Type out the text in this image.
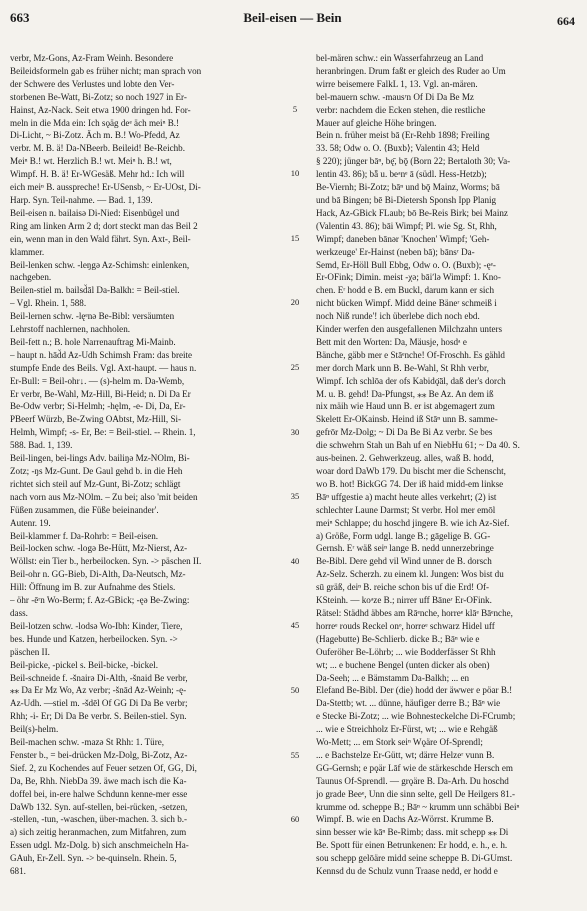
663	Beil-eisen — Bein	664
verbr, Mz-Gons, Az-Fram Weinh. Besondere
Beileidsformeln gab es früher nicht; man sprach von
der Schwere des Verlustes und lobte den Ver-
storbenen Be-Watt, Bi-Zotz; so noch 1927 in Er-
Hainst, Az-Nack. Seit etwa 1900 dringen hd. For-
meln in die Mda ein: Ich sǫäg deᵉ äch meiⁿ B.!
Di-Licht, ~ Bi-Zotz. Äch m. B.! Wo-Pfedd, Az
verbr. M. B. ä! Da-NBeerb. Beileid! Be-Reichb.
Meiⁿ B.! wt. Herzlich B.! wt. Meiⁿ h. B.! wt,
Wimpf. H. B. ä! Er-WGesäß. Mehr hd.: Ich will
eich meiⁿ B. ausspreche! Er-USensb, ~ Er-UOst, Di-
Harp. Syn. Teil-nahme. — Bad. 1, 139.
Beil-eisen n. bailaisə Di-Nied: Eisenbügel und
Ring am linken Arm 2 d; dort steckt man das Beil 2
ein, wenn man in den Wald fährt. Syn. Axt-, Beil-
klammer.
Beil-lenken schw. -leŋgə Az-Schimsh: einlenken,
nachgeben.
Beilen-stiel m. bailsd̆āl Da-Balkh: = Beil-stiel.
– Vgl. Rhein. 1, 588.
Beil-lernen schw. -lęᵉnə Be-Bibl: versäumten
Lehrstoff nachlernen, nachholen.
Beil-fett n.; B. hole Narrenauftrag Mi-Mainb.
– haupt n. hād̆d Az-Udh Schimsh Fram: das breite
stumpfe Ende des Beils. Vgl. Axt-haupt. — haus n.
Er-Bull: = Beil-ohr↓. — (s)-helm m. Da-Wemb,
Er verbr, Be-Wahl, Mz-Hill, Bi-Heid; n. Di Da Er
Be-Odw verbr; Si-Helmh; -hęlm, -e- Di, Da, Er-
PBeerf Würzb, Be-Zwing OAbtst, Mz-Hill, Si-
Helmh, Wimpf; -s- Er, Be: = Beil-stiel. -- Rhein. 1,
588. Bad. 1, 139.
Beil-lingen, bei-lings Adv. bailiŋə Mz-NOlm, Bi-
Zotz; -ŋs Mz-Gunt. De Gaul gehd b. in die Heh
richtet sich steil auf Mz-Gunt, Bi-Zotz; schlägt
nach vorn aus Mz-NOlm. – Zu bei; also 'mit beiden
Füßen zusammen, die Füße beieinander'.
Autenr. 19.
Beil-klammer f. Da-Rohrb: = Beil-eisen.
Beil-locken schw. -logə Be-Hütt, Mz-Nierst, Az-
Wöllst: ein Tier b., herbeilocken. Syn. -> päschen II.
Beil-ohr n. GG-Bieb, Di-Alth, Da-Neutsch, Mz-
Hill: Öffnung im B. zur Aufnahme des Stiels.
– öhr -ēʳn Wo-Berm; f. Az-GBick; -ęə Be-Zwing:
dass.
Beil-lotzen schw. -lodsə Wo-Ibh: Kinder, Tiere,
bes. Hunde und Katzen, herbeilocken. Syn. ->
päschen II.
Beil-picke, -pickel s. Beil-bicke, -bickel.
Beil-schneide f. -šnairə Di-Alth, -šnaid Be verbr,
⁎⁎ Da Er Mz Wo, Az verbr; -šnād Az-Weinh; -ę-
Az-Udh. —stiel m. -šdēl Of GG Di Da Be verbr;
Rhh; -i- Er; Di Da Be verbr. S. Beilen-stiel. Syn.
Beil(s)-helm.
Beil-machen schw. -mazə St Rhh: 1. Türe,
Fenster b., = bei-drücken Mz-Dolg, Bi-Zotz, Az-
Sief. 2, zu Kochendes auf Feuer setzen Of, GG, Di,
Da, Be, Rhh. NiebDa 39. äwe mach isch die Ka-
doffel bei, in-ere halwe Schdunn kenne-mer esse
DaWb 132. Syn. auf-stellen, bei-rücken, -setzen,
-stellen, -tun, -waschen, über-machen. 3. sich b.-
a) sich zeitig heranmachen, zum Mitfahren, zum
Essen udgl. Mz-Dolg. b) sich anschmeicheln Ha-
GAuh, Er-Zell. Syn. -> be-quinseln. Rhein. 5,
681.
5
10
15
20
25
30
35
40
45
50
55
60
bel-mären schw.: ein Wasserfahrzeug an Land
heranbringen. Drum faßt er gleich des Ruder ao Um
wirre beisemere FalkL 1, 13. Vgl. an-mären.
bel-mauern schw. -mausʳn Of Di Da Be Mz
verbr: nachdem die Ecken stehen, die restliche
Mauer auf gleiche Höhe bringen.
Bein n. früher meist bā (Er-Rehb 1898; Freiling
33. 58; Odw o. O. ⟨Buxb⟩; Valentin 43; Held
§ 220); jünger bāⁿ, bę̄, bǭ (Born 22; Bertaloth 30; Va-
lentin 43. 86); bǟ u. beᵃnᵉ ā (südl. Hess-Hetzb);
Be-Viernh; Bi-Zotz; bāⁿ und bǭ Mainz, Worms; bā
und bā Bingen; bē Bi-Dietersh Sponsh Ipp Planig
Hack, Az-GBick FLaub; bō Be-Reis Birk; bei Mainz
(Valentin 43. 86); bāi Wimpf; Pl. wie Sg. St, Rhh,
Wimpf; daneben bānər 'Knochen' Wimpf; 'Geh-
werkzeuge' Er-Hainst (neben bā); bānsʳ Da-
Semd, Er-Höll Bull Ebbg, Odw o. O. (Buxb); -ęᵉ-
Er-OFink; Dimin. meist -χə; bāiʹlə Wimpf: 1. Kno-
chen. Eʳ hodd e B. em Buckl, darum kann er sich
nicht bücken Wimpf. Midd deine Bäneʳ schmeiß i
noch Niß runde'! ich überlebe dich noch ebd.
Kinder werfen den ausgefallenen Milchzahn unters
Bett mit den Worten: Da, Mäusje, hosdᵃ e
Bänche, gäbb mer e Stāᵉnche! Of-Froschh. Es gähld
mer dorch Mark unn B. Be-Wahl, St Rhh verbr,
Wimpf. Ich schlōa der ofs Kabidǫ̈āl, daß der's dorch
M. u. B. gehd! Da-Pfungst, ⁎⁎ Be Az. An dem iß
nix mäih wie Haud unn B. er ist abgemagert zum
Skelett Er-OKainsb. Heind iß Stāⁿ unn B. samme-
gefrōr Mz-Dolg; ~ Di Da Be Bi Az verbr. Se bes
die schwehrn Stah un Bah uf en NiebHu 61; ~ Da 40. S.
aus-beinen. 2. Gehwerkzeug. alles, waß B. hodd,
woar dord DaWb 179. Du bischt mer die Schenscht,
wo B. hot! BickGG 74. Der iß haid midd-em linkse
Bāⁿ uffgestie a) macht heute alles verkehrt; (2) ist
schlechter Laune Darmst; St verbr. Hol mer emōl
meiⁿ Schlappe; du hoschd jingere B. wie ich Az-Sief.
a) Größe, Form udgl. lange B.; gāgelige B. GG-
Gernsh. Eʳ wäß seiⁿ lange B. nedd unnerzebringe
Be-Bibl. Dere gehd vil Wind unner de B. dorsch
Az-Selz. Scherzh. zu einem kl. Jungen: Wos bist du
sū gräß, deiⁿ B. reiche schon bis uf die Erd! Of-
KSteinh. — koᵃze B.; nirrer uff Bāneʳ Er-OFink.
Rätsel: Städhd äbbes am Rāᵉnche, horreᵉ klāᵉ Bāᵉnche,
horreᵉ rouds Reckel onᵒ, horreᵉ schwarz Hidel uff
(Hagebutte) Be-Schlierb. dicke B.; Bāⁿ wie e
Ouferöher Be-Löhrb; ... wie Bodderfässer St Rhh
wt; ... e buchene Bengel (unten dicker als oben)
Da-Seeh; ... e Bämstamm Da-Balkh; ... en
Elefand Be-Bibl. Der (die) hodd der äwwer e pöar B.!
Da-Stettb; wt. ... dünne, häufiger derre B.; Bāⁿ wie
e Stecke Bi-Zotz; ... wie Bohnesteckelche Di-FCrumb;
... wie e Streichholz Er-Fürst, wt; ... wie e Rehgäß
Wo-Mett; ... em Stork seiⁿ Wǫäre Of-Sprendl;
... e Bachstelze Er-Gütt, wt; därre Helzeʳ vunn B.
GG-Gernsh; e pǫär Lāf wie de stärkeschde Hersch em
Taunus Of-Sprendl. — grǫäre B. Da-Arh. Du hoschd
jo grade Beeᵉ, Unn die sinn selte, gell De Heilgers 81.-
krumme od. scheppe B.; Bāⁿ ~ krumm unn schäbbi Beiⁿ
Wimpf. B. wie en Dachs Az-Wörrst. Krumme B.
sinn besser wie kāⁿ Be-Rimb; dass. mit schepp ⁎⁎ Di
Be. Spott für einen Betrunkenen: Er hodd, e. h., e. h.
sou schepp gelōäre midd seine scheppe B. Di-GUmst.
Kennsd du de Schulz vunn Traase nedd, er hodd e
